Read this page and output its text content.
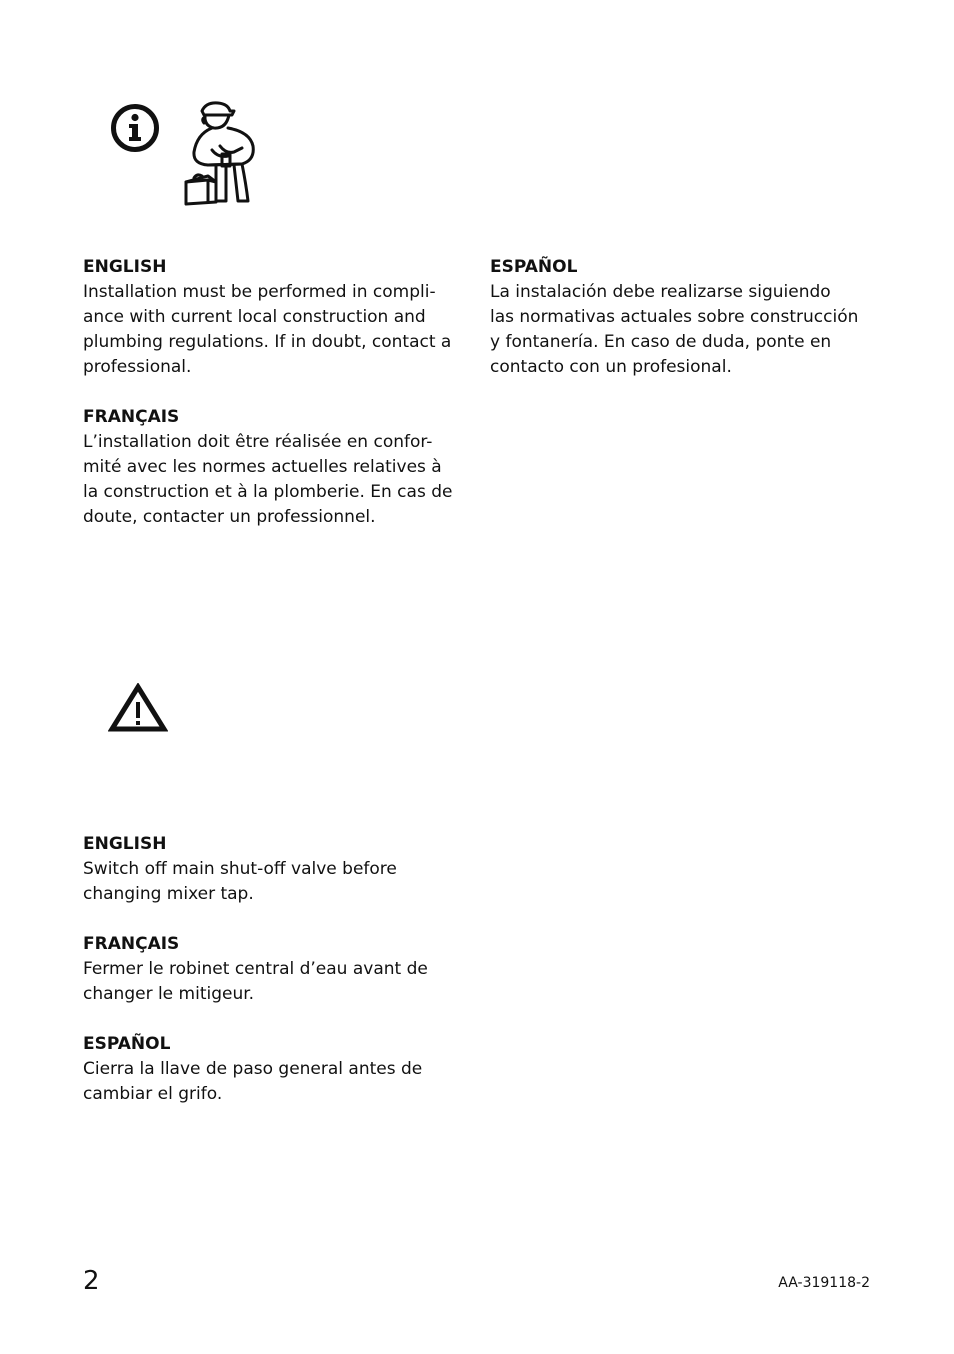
ENGLISH

Installation must be performed in compli-
ance with current local construction and
plumbing regulations. If in doubt, contact a
professional.

FRANÇAIS

L’installation doit être réalisée en confor-
mité avec les normes actuelles relatives à
la construction et à la plomberie. En cas de
doute, contacter un professionnel.

ESPAÑOL

La instalación debe realizarse siguiendo
las normativas actuales sobre construcción
y fontanería. En caso de duda, ponte en
contacto con un profesional.

ENGLISH

Switch off main shut-off valve before
changing mixer tap.

FRANÇAIS

Fermer le robinet central d’eau avant de
changer le mitigeur.

ESPAÑOL

Cierra la llave de paso general antes de
cambiar el grifo.

2	AA-319118-2
